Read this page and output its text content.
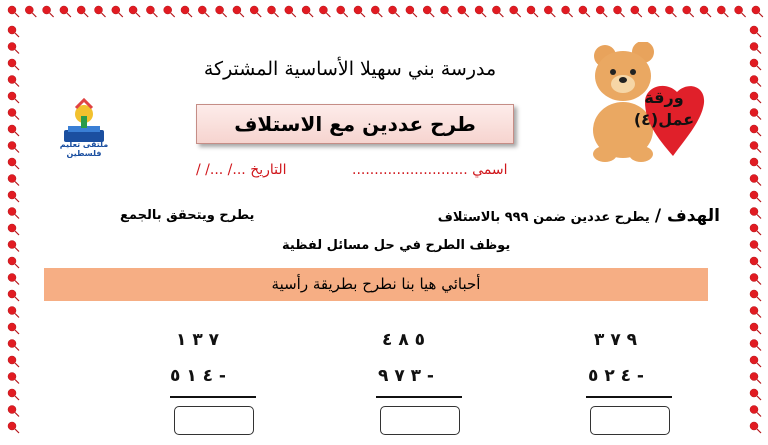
ملتقى تعليم فلسطين
ورقة
عمل(٤)
مدرسة بني سهيلا الأساسية المشتركة
طرح عددين مع الاستلاف
اسمي ..........................
التاريخ .../ .../ /
الهدف / يطرح عددين ضمن ٩٩٩ بالاستلاف
يطرح ويتحقق بالجمع
يوظف الطرح في حل مسائل لفظية
أحبائي هيا بنا نطرح بطريقة رأسية
٧ ٣ ١
٤ ١ ٥ -
٥ ٨ ٤
٣ ٧ ٩ -
٩ ٧ ٣
٤ ٢ ٥ -
